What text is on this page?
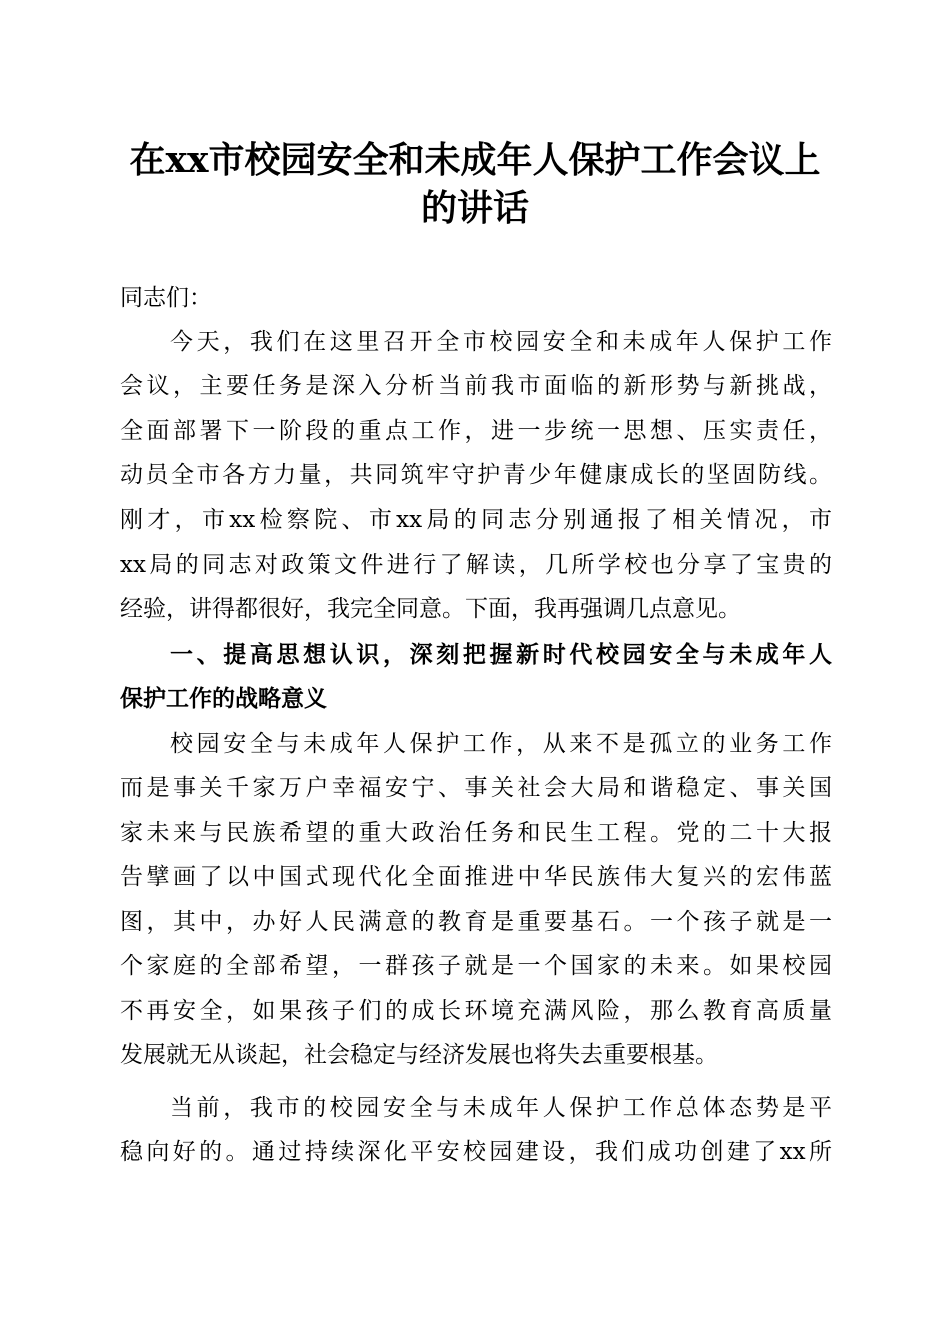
在xx市校园安全和未成年人保护工作会议上
的讲话
同志们：
今天，我们在这里召开全市校园安全和未成年人保护工作
会议，主要任务是深入分析当前我市面临的新形势与新挑战，
全面部署下一阶段的重点工作，进一步统一思想、压实责任，
动员全市各方力量，共同筑牢守护青少年健康成长的坚固防线。
刚才，市xx检察院、市xx局的同志分别通报了相关情况，市
xx局的同志对政策文件进行了解读，几所学校也分享了宝贵的
经验，讲得都很好，我完全同意。下面，我再强调几点意见。
一、提高思想认识，深刻把握新时代校园安全与未成年人
保护工作的战略意义
校园安全与未成年人保护工作，从来不是孤立的业务工作
而是事关千家万户幸福安宁、事关社会大局和谐稳定、事关国
家未来与民族希望的重大政治任务和民生工程。党的二十大报
告擘画了以中国式现代化全面推进中华民族伟大复兴的宏伟蓝
图，其中，办好人民满意的教育是重要基石。一个孩子就是一
个家庭的全部希望，一群孩子就是一个国家的未来。如果校园
不再安全，如果孩子们的成长环境充满风险，那么教育高质量
发展就无从谈起，社会稳定与经济发展也将失去重要根基。
当前，我市的校园安全与未成年人保护工作总体态势是平
稳向好的。通过持续深化平安校园建设，我们成功创建了xx所
